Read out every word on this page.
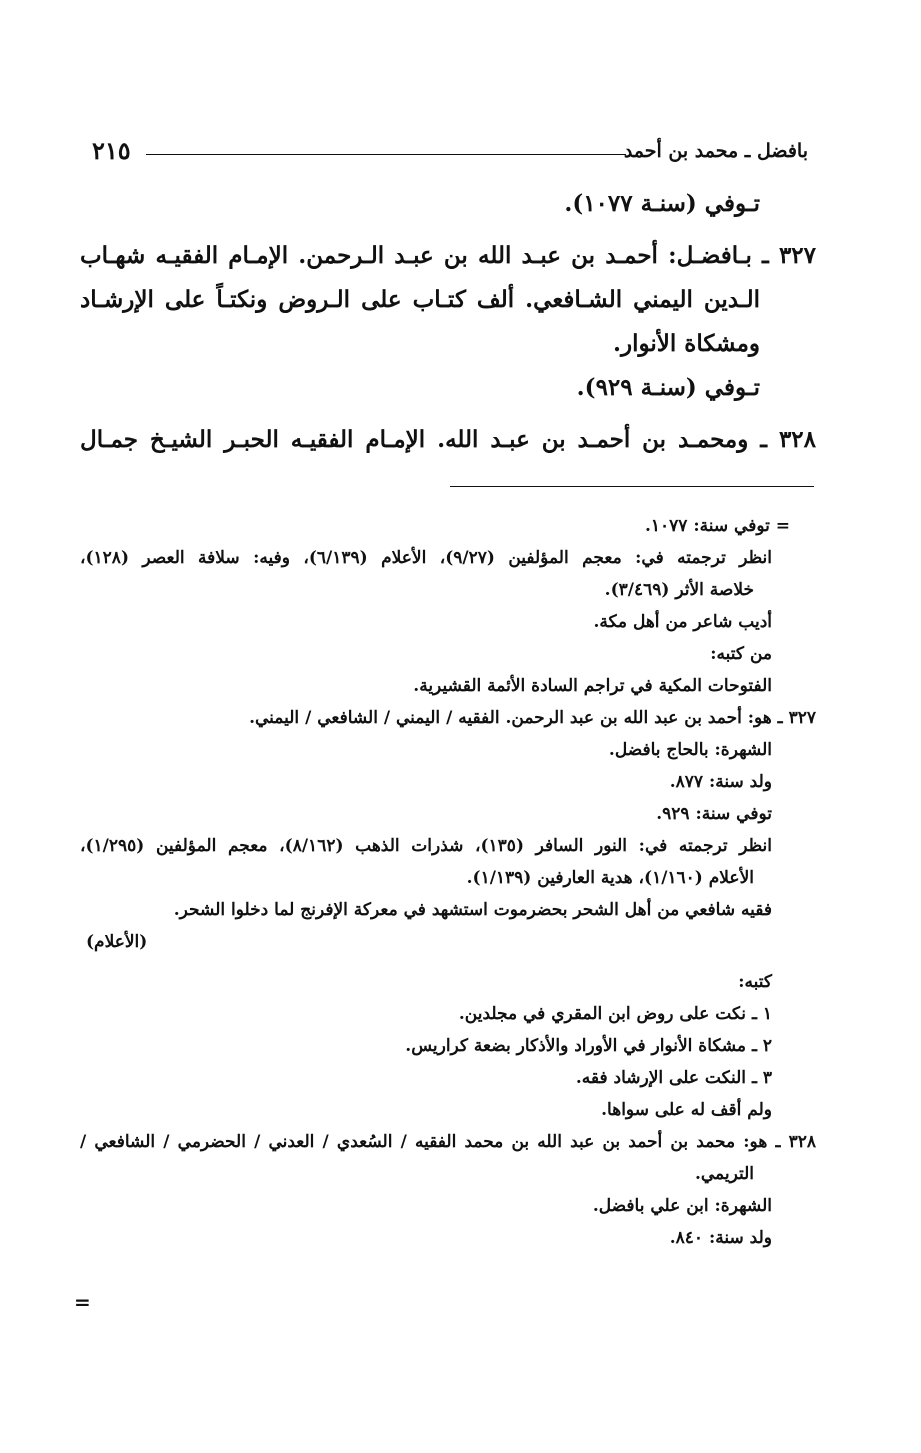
بافضل ـ محمد بن أحمد
٢١٥

تـوفي (سنـة ١٠٧٧).

٣٢٧ ـ بـافضـل: أحمـد بن عبـد الله بن عبـد الـرحمن. الإمـام الفقيـه شهـاب

الـدين اليمني الشـافعي. ألف كتـاب على الـروض ونكتـاً على الإرشـاد

ومشكاة الأنوار.

تـوفي (سنـة ٩٢٩).

٣٢٨ ـ ومحمـد بن أحمـد بن عبـد الله. الإمـام الفقيـه الحبـر الشيـخ جمـال

= توفي سنة: ١٠٧٧.

انظر ترجمته في: معجم المؤلفين (٩/٢٧)، الأعلام (٦/١٣٩)، وفيه: سلافة العصر (١٢٨)،

خلاصة الأثر (٣/٤٦٩).

أديب شاعر من أهل مكة.

من كتبه:

الفتوحات المكية في تراجم السادة الأئمة القشيرية.

٣٢٧ ـ هو: أحمد بن عبد الله بن عبد الرحمن. الفقيه / اليمني / الشافعي / اليمني.

الشهرة: بالحاج بافضل.

ولد سنة: ٨٧٧.

توفي سنة: ٩٢٩.

انظر ترجمته في: النور السافر (١٣٥)، شذرات الذهب (٨/١٦٢)، معجم المؤلفين (١/٢٩٥)،

الأعلام (١/١٦٠)، هدية العارفين (١/١٣٩).

فقيه شافعي من أهل الشحر بحضرموت استشهد في معركة الإفرنج لما دخلوا الشحر.

(الأعلام)

كتبه:

١ ـ نكت على روض ابن المقري في مجلدين.

٢ ـ مشكاة الأنوار في الأوراد والأذكار بضعة كراريس.

٣ ـ النكت على الإرشاد فقه.

ولم أقف له على سواها.

٣٢٨ ـ هو: محمد بن أحمد بن عبد الله بن محمد الفقيه / السُعدي / العدني / الحضرمي / الشافعي /

التريمي.

الشهرة: ابن علي بافضل.

ولد سنة: ٨٤٠.

=
